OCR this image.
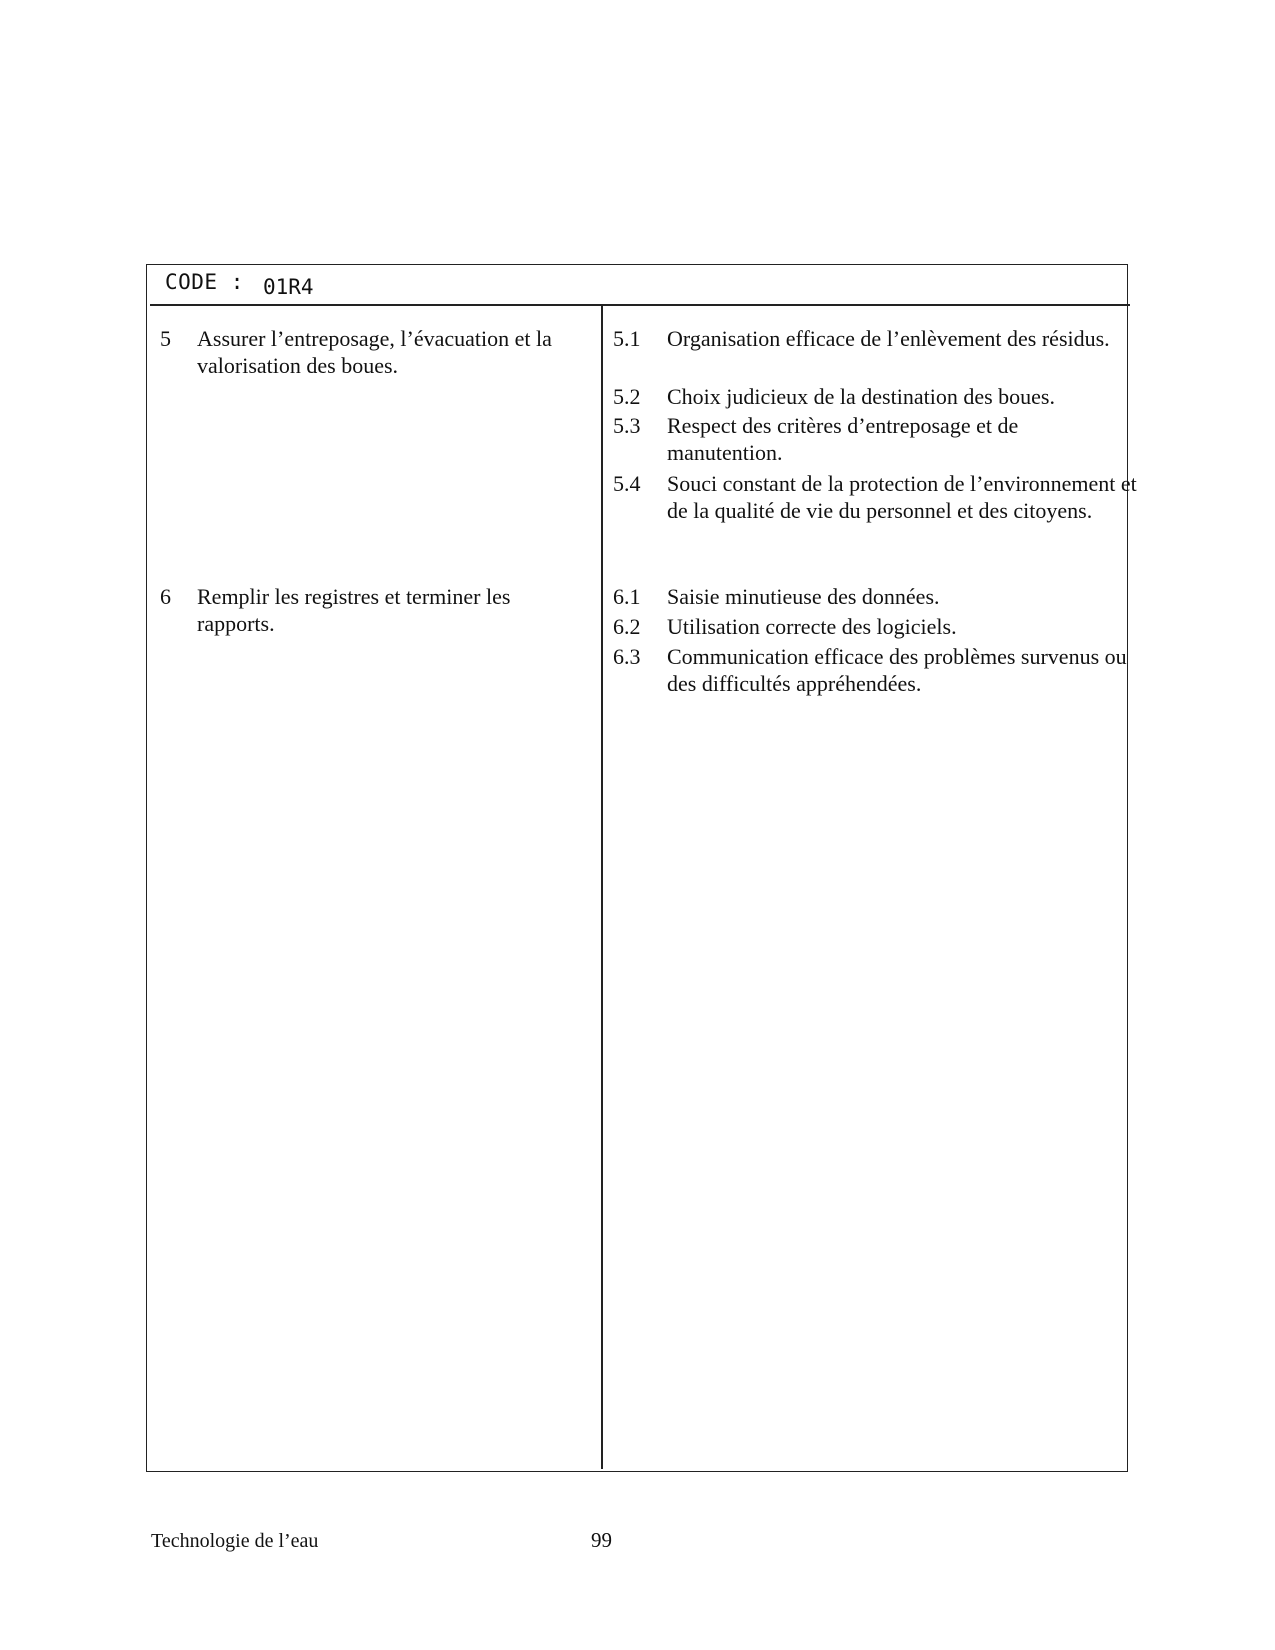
CODE : 01R4
5 Assurer l’entreposage, l’évacuation et la valorisation des boues.
5.1 Organisation efficace de l’enlèvement des résidus.
5.2 Choix judicieux de la destination des boues.
5.3 Respect des critères d’entreposage et de manutention.
5.4 Souci constant de la protection de l’environnement et de la qualité de vie du personnel et des citoyens.
6 Remplir les registres et terminer les rapports.
6.1 Saisie minutieuse des données.
6.2 Utilisation correcte des logiciels.
6.3 Communication efficace des problèmes survenus ou des difficultés appréhendées.
Technologie de l’eau	99
